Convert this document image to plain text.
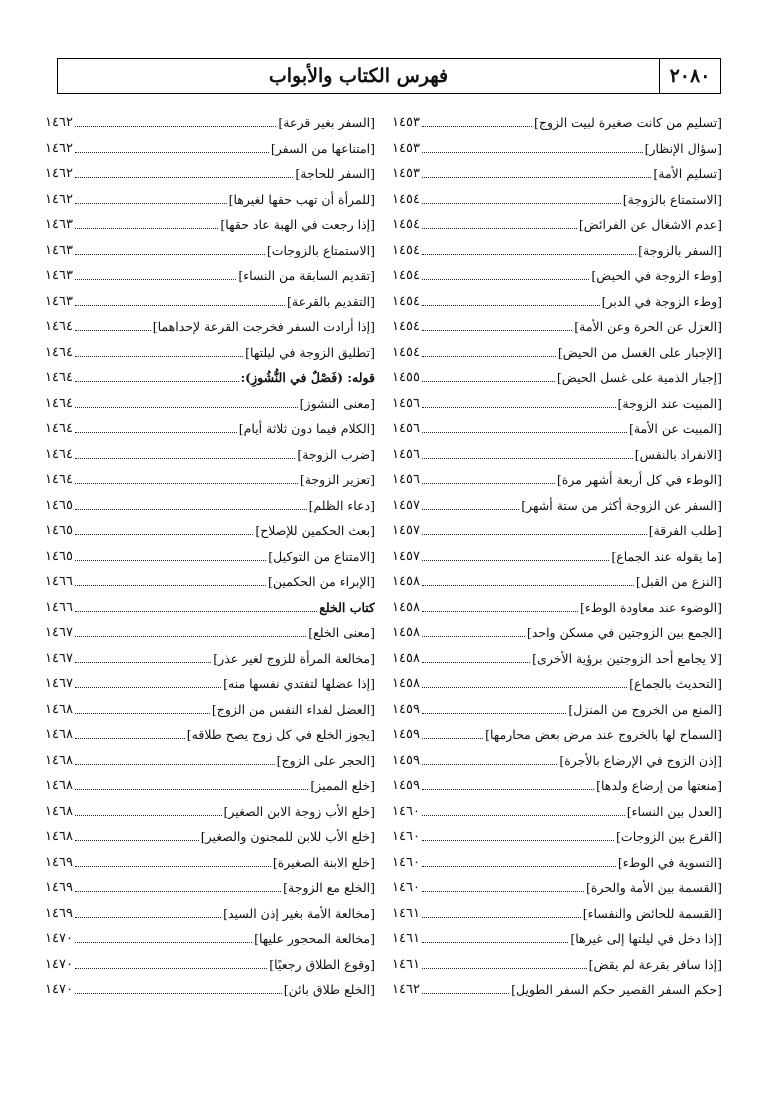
٢٠٨٠
فهرس الكتاب والأبواب
[تسليم من كانت صغيرة لبيت الزوج]
١٤٥٣
[سؤال الإنظار]
١٤٥٣
[تسليم الأمة]
١٤٥٣
[الاستمتاع بالزوجة]
١٤٥٤
[عدم الاشغال عن الفرائض]
١٤٥٤
[السفر بالزوجة]
١٤٥٤
[وطء الزوجة في الحيض]
١٤٥٤
[وطء الزوجة في الدبر]
١٤٥٤
[العزل عن الحرة وعن الأمة]
١٤٥٤
[الإجبار على الغسل من الحيض]
١٤٥٤
[إجبار الذمية على غسل الحيض]
١٤٥٥
[المبيت عند الزوجة]
١٤٥٦
[المبيت عن الأمة]
١٤٥٦
[الانفراد بالنفس]
١٤٥٦
[الوطء في كل أربعة أشهر مرة]
١٤٥٦
[السفر عن الزوجة أكثر من ستة أشهر]
١٤٥٧
[طلب الفرقة]
١٤٥٧
[ما يقوله عند الجماع]
١٤٥٧
[النزع من القبل]
١٤٥٨
[الوضوء عند معاودة الوطء]
١٤٥٨
[الجمع بين الزوجتين في مسكن واحد]
١٤٥٨
[لا يجامع أحد الزوجتين برؤية الأخرى]
١٤٥٨
[التحديث بالجماع]
١٤٥٨
[المنع من الخروج من المنزل]
١٤٥٩
[السماح لها بالخروج عند مرض بعض محارمها]
١٤٥٩
[إذن الزوج في الإرضاع بالأجرة]
١٤٥٩
[منعتها من إرضاع ولدها]
١٤٥٩
[العدل بين النساء]
١٤٦٠
[القرع بين الزوجات]
١٤٦٠
[التسوية في الوطء]
١٤٦٠
[القسمة بين الأمة والحرة]
١٤٦٠
[القسمة للحائض والنفساء]
١٤٦١
[إذا دخل في ليلتها إلى غيرها]
١٤٦١
[إذا سافر بقرعة لم يقض]
١٤٦١
[حكم السفر القصير حكم السفر الطويل]
١٤٦٢
[السفر بغير قرعة]
١٤٦٢
[امتناعها من السفر]
١٤٦٢
[السفر للحاجة]
١٤٦٢
[للمرأة أن تهب حقها لغيرها]
١٤٦٢
[إذا رجعت في الهبة عاد حقها]
١٤٦٣
[الاستمتاع بالزوجات]
١٤٦٣
[تقديم السابقة من النساء]
١٤٦٣
[التقديم بالقرعة]
١٤٦٣
[إذا أرادت السفر فخرجت القرعة لإحداهما]
١٤٦٤
[تطليق الزوجة في ليلتها]
١٤٦٤
قوله: (فَصْلٌ في النُّشُوزِ):
١٤٦٤
[معنى النشوز]
١٤٦٤
[الكلام فيما دون ثلاثة أيام]
١٤٦٤
[ضرب الزوجة]
١٤٦٤
[تعزير الزوجة]
١٤٦٤
[دعاء الظلم]
١٤٦٥
[بعث الحكمين للإصلاح]
١٤٦٥
[الامتناع من التوكيل]
١٤٦٥
[الإبراء من الحكمين]
١٤٦٦
كتاب الخلع
١٤٦٦
[معنى الخلع]
١٤٦٧
[مخالعة المرأة للزوج لغير عذر]
١٤٦٧
[إذا عضلها لتفتدي نفسها منه]
١٤٦٧
[العضل لفداء النفس من الزوج]
١٤٦٨
[يجوز الخلع في كل زوج يصح طلاقه]
١٤٦٨
[الحجر على الزوج]
١٤٦٨
[خلع المميز]
١٤٦٨
[خلع الأب زوجة الابن الصغير]
١٤٦٨
[خلع الأب للابن للمجنون والصغير]
١٤٦٨
[خلع الابنة الصغيرة]
١٤٦٩
[الخلع مع الزوجة]
١٤٦٩
[مخالعة الأمة بغير إذن السيد]
١٤٦٩
[مخالعة المحجور عليها]
١٤٧٠
[وقوع الطلاق رجعيًا]
١٤٧٠
[الخلع طلاق بائن]
١٤٧٠
